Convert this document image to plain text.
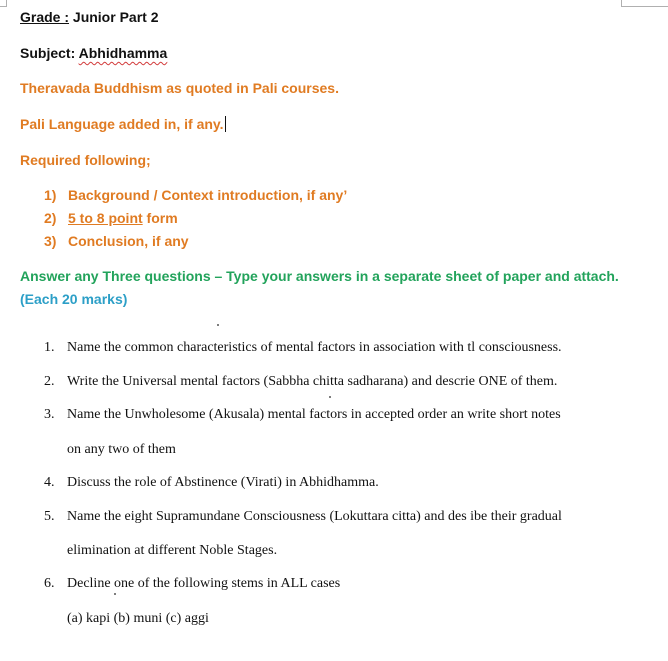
Grade : Junior Part 2
Subject: Abhidhamma
Theravada Buddhism as quoted in Pali courses.
Pali Language added in, if any.
Required following;
1) Background / Context introduction, if any’
2) 5 to 8 point form
3) Conclusion, if any
Answer any Three questions – Type your answers in a separate sheet of paper and attach.
(Each 20 marks)
1. Name the common characteristics of mental factors in association with tl consciousness.
2. Write the Universal mental factors (Sabbha chitta sadharana) and descrie ONE of them.
3. Name the Unwholesome (Akusala) mental factors in accepted order an write short notes
on any two of them
4. Discuss the role of Abstinence (Virati) in Abhidhamma.
5. Name the eight Supramundane Consciousness (Lokuttara citta) and des ibe their gradual
elimination at different Noble Stages.
6. Decline one of the following stems in ALL cases
(a) kapi (b) muni (c) aggi
